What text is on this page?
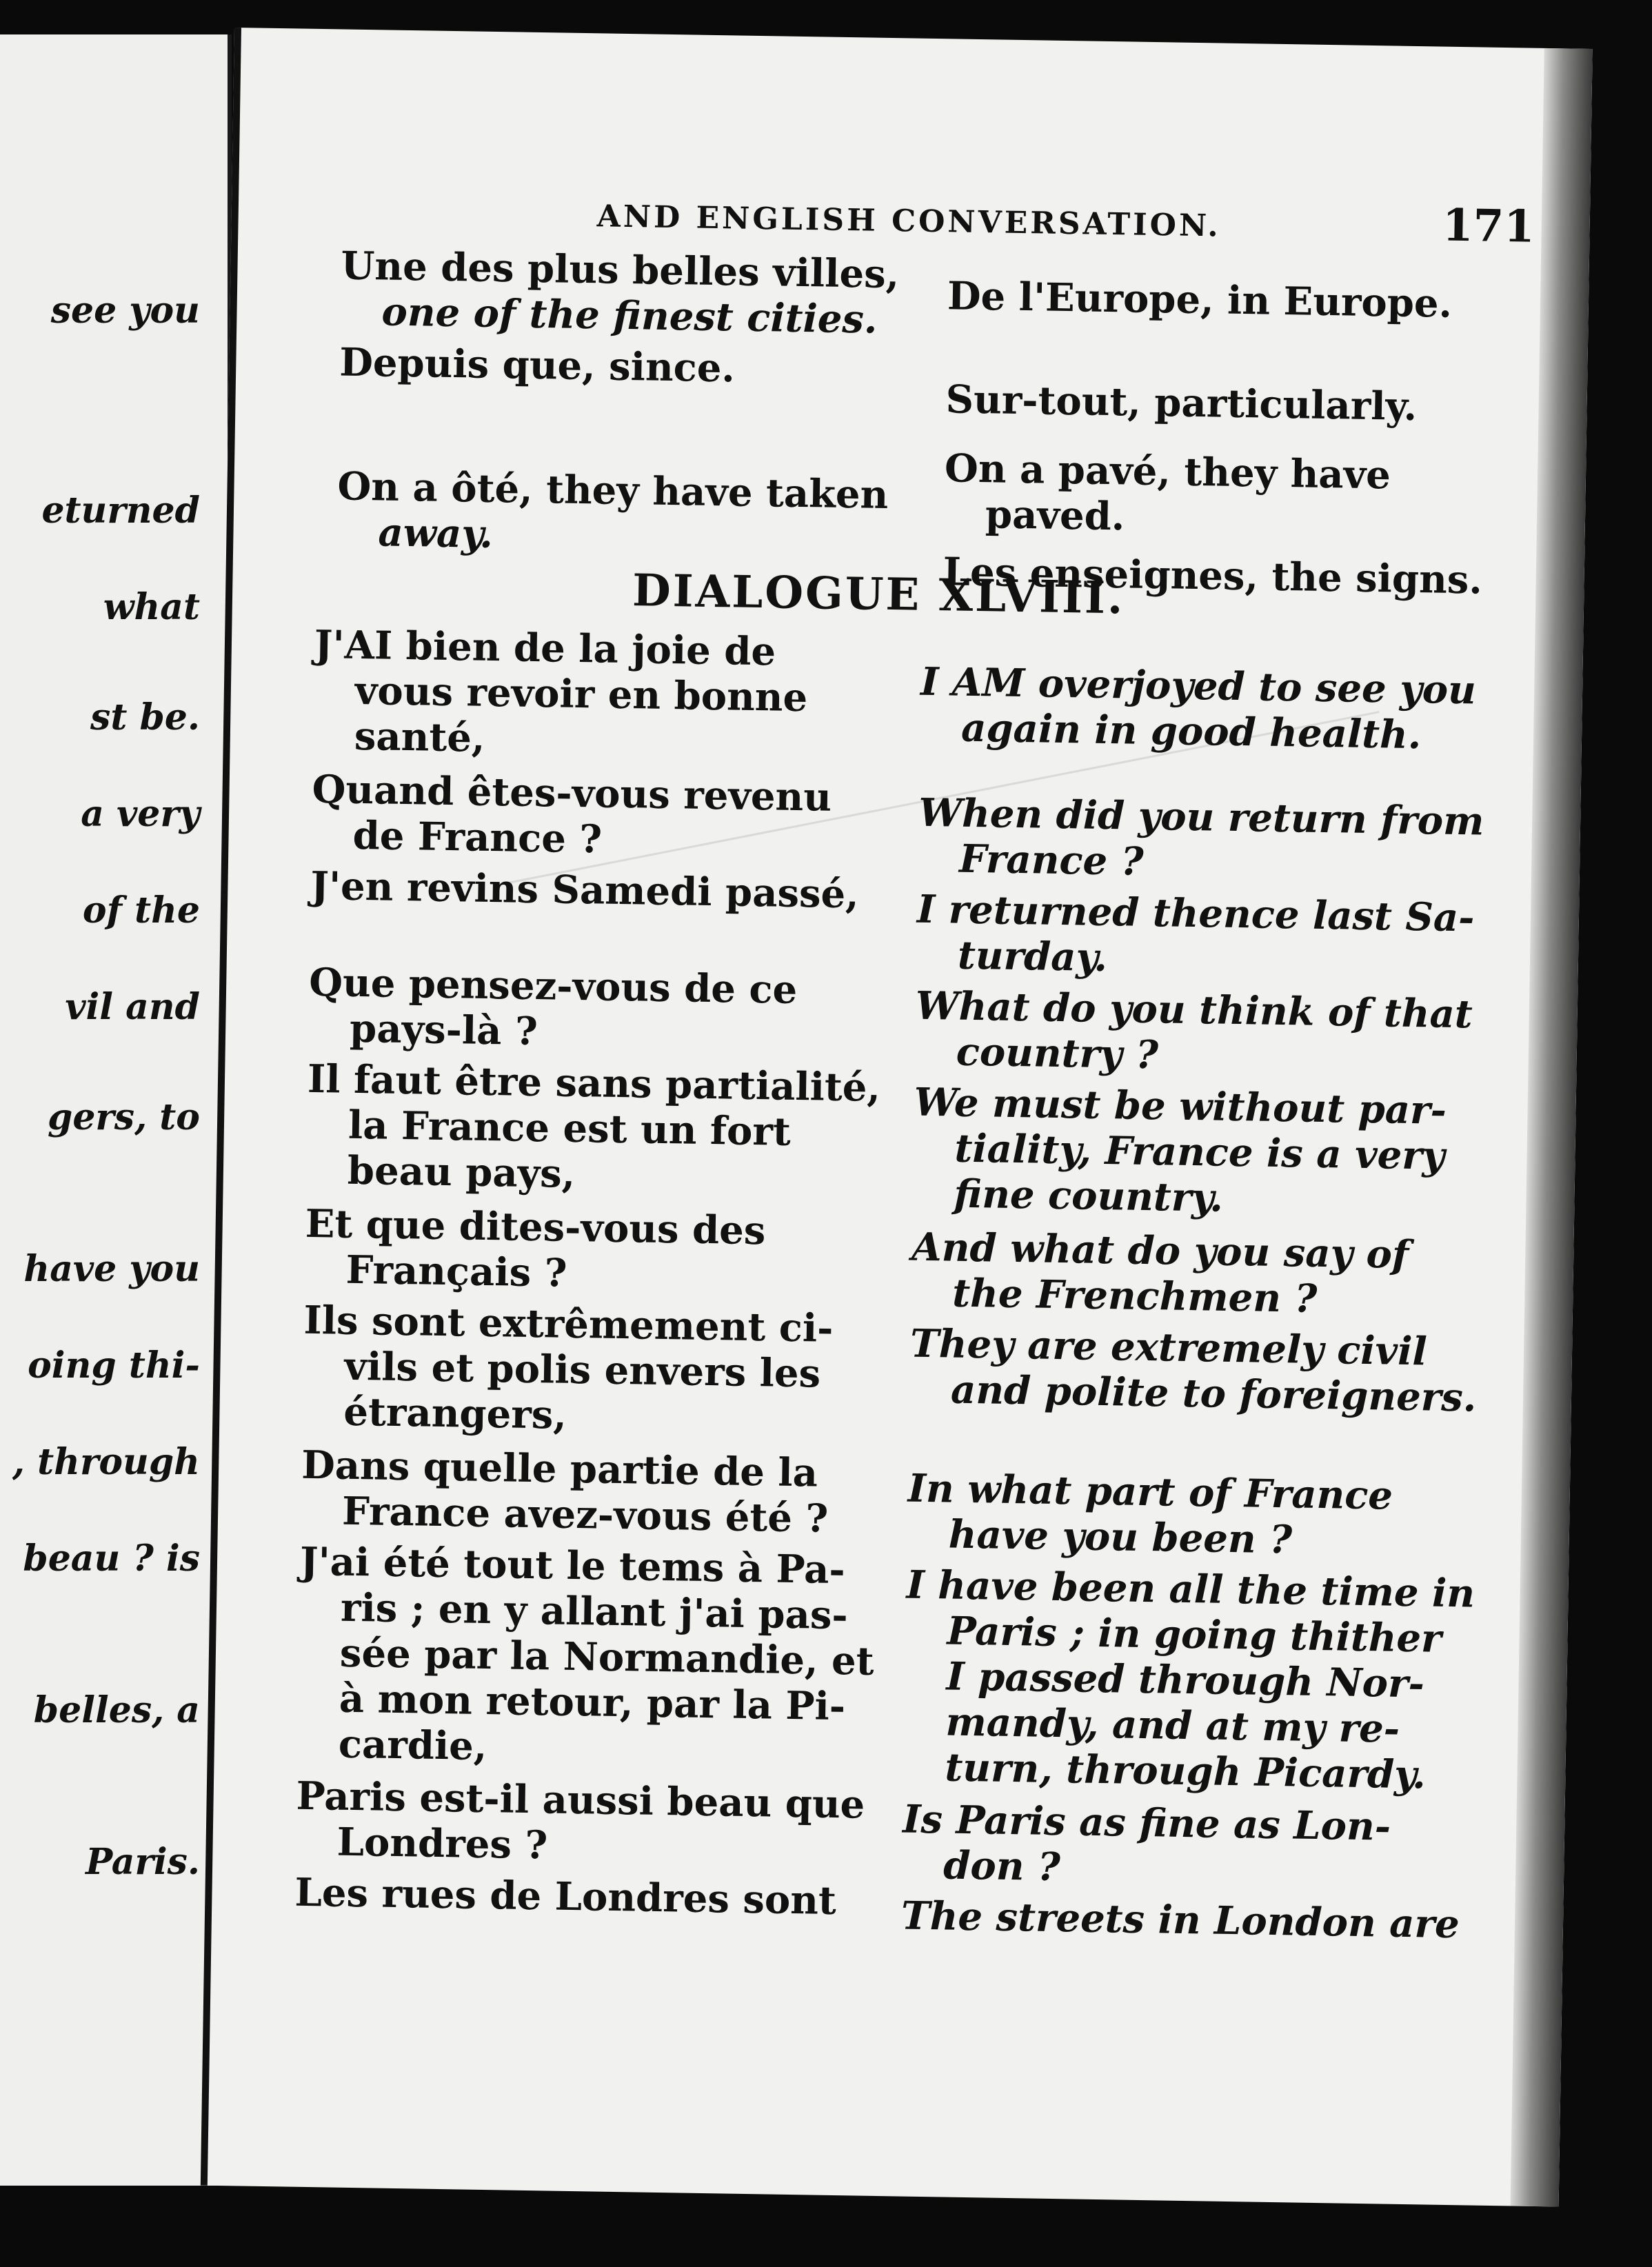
see you
eturned
what
st be.
a very
of the
vil and
gers, to
have you
oing thi-
, through
beau ? is
belles, a
Paris.
AND ENGLISH CONVERSATION.	171
Une des plus belles villes,
one of the finest cities.
Depuis que, since.
On a ôté, they have taken
away.
De l'Europe, in Europe.
Sur-tout, particularly.
On a pavé, they have
paved.
Les enseignes, the signs.
DIALOGUE XLVIII.
J'AI bien de la joie de
vous revoir en bonne
santé,
Quand êtes-vous revenu
de France ?
J'en revins Samedi passé,
Que pensez-vous de ce
pays-là ?
Il faut être sans partialité,
la France est un fort
beau pays,
Et que dites-vous des
Français ?
Ils sont extrêmement ci-
vils et polis envers les
étrangers,
Dans quelle partie de la
France avez-vous été ?
J'ai été tout le tems à Pa-
ris ; en y allant j'ai pas-
sée par la Normandie, et
à mon retour, par la Pi-
cardie,
Paris est-il aussi beau que
Londres ?
Les rues de Londres sont
I AM overjoyed to see you
again in good health.
When did you return from
France ?
I returned thence last Sa-
turday.
What do you think of that
country ?
We must be without par-
tiality, France is a very
fine country.
And what do you say of
the Frenchmen ?
They are extremely civil
and polite to foreigners.
In what part of France
have you been ?
I have been all the time in
Paris ; in going thither
I passed through Nor-
mandy, and at my re-
turn, through Picardy.
Is Paris as fine as Lon-
don ?
The streets in London are
